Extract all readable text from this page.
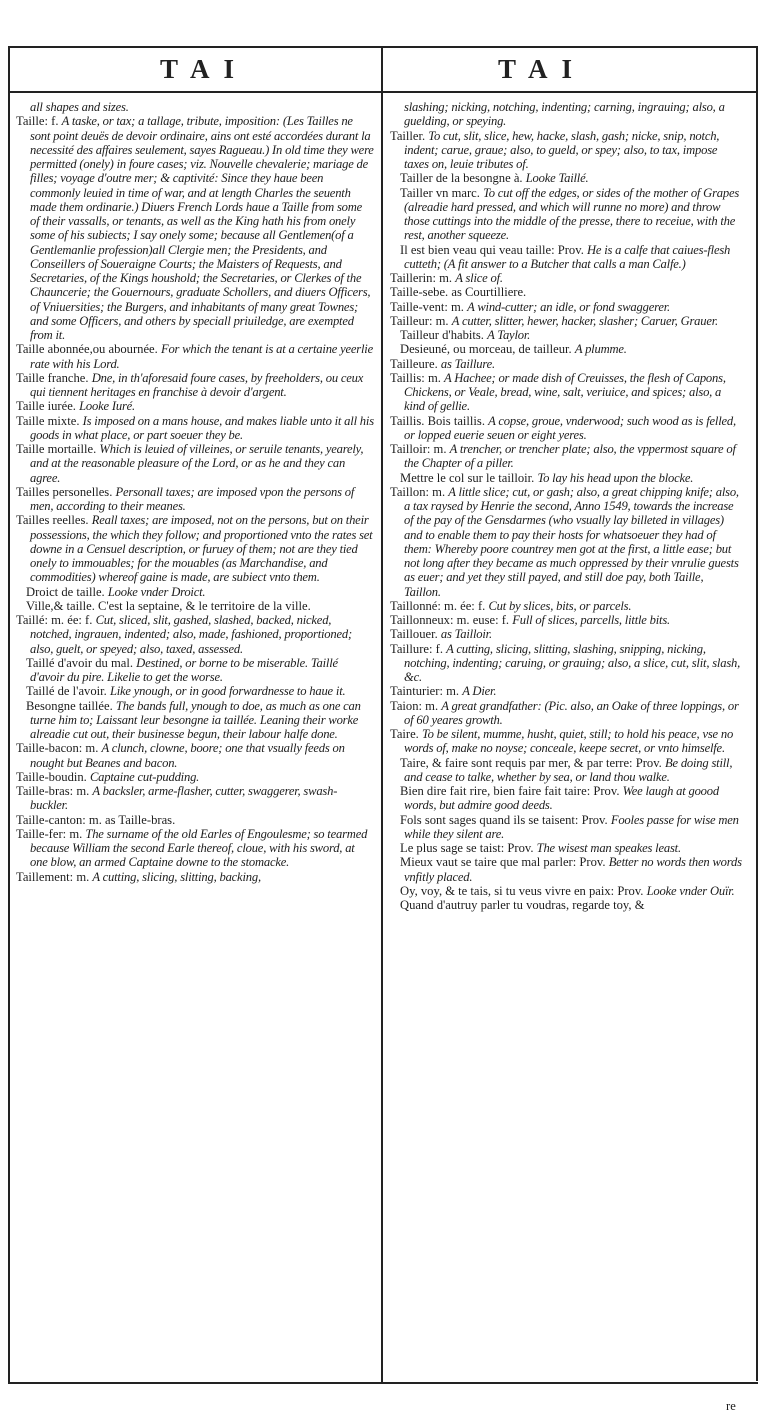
TAI	TAI

all shapes and sizes.

Taille: f. A taske, or tax; a tallage, tribute, imposition: (Les Tailles ne sont point deuës de devoir ordinaire, ains ont esté accordées durant la necessité des affaires seulement, sayes Ragueau.) In old time they were permitted (onely) in foure cases; viz. Nouvelle chevalerie; mariage de filles; voyage d'outre mer; & captivité: Since they haue been commonly leuied in time of war, and at length Charles the seuenth made them ordinarie.) Diuers French Lords haue a Taille from some of their vassalls, or tenants, as well as the King hath his from onely some of his subiects; I say onely some; because all Gentlemen(of a Gentlemanlie profession)all Clergie men; the Presidents, and Conseillers of Soueraigne Courts; the Maisters of Requests, and Secretaries, of the Kings houshold; the Secretaries, or Clerkes of the Chauncerie; the Gouernours, graduate Schollers, and diuers Officers, of Vniuersities; the Burgers, and inhabitants of many great Townes; and some Officers, and others by speciall priuiledge, are exempted from it.

Taille abonnée,ou abournée. For which the tenant is at a certaine yeerlie rate with his Lord.

Taille franche. Dne, in th'aforesaid foure cases, by freeholders, ou ceux qui tiennent heritages en franchise à devoir d'argent.

Taille iurée. Looke Iuré.

Taille mixte. Is imposed on a mans house, and makes liable unto it all his goods in what place, or part soeuer they be.

Taille mortaille. Which is leuied of villeines, or seruile tenants, yearely, and at the reasonable pleasure of the Lord, or as he and they can agree.

Tailles personelles. Personall taxes; are imposed vpon the persons of men, according to their meanes.

Tailles reelles. Reall taxes; are imposed, not on the persons, but on their possessions, the which they follow; and proportioned vnto the rates set downe in a Censuel description, or furuey of them; not are they tied onely to immouables; for the mouables (as Marchandise, and commodities) whereof gaine is made, are subiect vnto them.

Droict de taille. Looke vnder Droict.

Ville,& taille. C'est la septaine, & le territoire de la ville.

Taillé: m. ée: f. Cut, sliced, slit, gashed, slashed, backed, nicked, notched, ingrauen, indented; also, made, fashioned, proportioned; also, guelt, or speyed; also, taxed, assessed.

Taillé d'avoir du mal. Destined, or borne to be miserable. Taillé d'avoir du pire. Likelie to get the worse.

Taillé de l'avoir. Like ynough, or in good forwardnesse to haue it.

Besongne taillée. The bands full, ynough to doe, as much as one can turne him to; Laissant leur besongne ia taillée. Leaning their worke alreadie cut out, their businesse begun, their labour halfe done.

Taille-bacon: m. A clunch, clowne, boore; one that vsually feeds on nought but Beanes and bacon.

Taille-boudin. Captaine cut-pudding.

Taille-bras: m. A backsler, arme-flasher, cutter, swaggerer, swash-buckler.

Taille-canton: m. as Taille-bras.

Taille-fer: m. The surname of the old Earles of Engoulesme; so tearmed because William the second Earle thereof, cloue, with his sword, at one blow, an armed Captaine downe to the stomacke.

Taillement: m. A cutting, slicing, slitting, backing,

slashing; nicking, notching, indenting; carning, ingrauing; also, a guelding, or speying.

Tailler. To cut, slit, slice, hew, hacke, slash, gash; nicke, snip, notch, indent; carue, graue; also, to gueld, or spey; also, to tax, impose taxes on, leuie tributes of.

Tailler de la besongne à. Looke Taillé.

Tailler vn marc. To cut off the edges, or sides of the mother of Grapes (alreadie hard pressed, and which will runne no more) and throw those cuttings into the middle of the presse, there to receiue, with the rest, another squeeze.

Il est bien veau qui veau taille: Prov. He is a calfe that caiues-flesh cutteth; (A fit answer to a Butcher that calls a man Calfe.)

Taillerin: m. A slice of.

Taille-sebe. as Courtilliere.

Taille-vent: m. A wind-cutter; an idle, or fond swaggerer.

Tailleur: m. A cutter, slitter, hewer, hacker, slasher; Caruer, Grauer.

Tailleur d'habits. A Taylor.

Desieuné, ou morceau, de tailleur. A plumme.

Tailleure. as Taillure.

Taillis: m. A Hachee; or made dish of Creuisses, the flesh of Capons, Chickens, or Veale, bread, wine, salt, veriuice, and spices; also, a kind of gellie.

Taillis. Bois taillis. A copse, groue, vnderwood; such wood as is felled, or lopped euerie seuen or eight yeres.

Tailloir: m. A trencher, or trencher plate; also, the vppermost square of the Chapter of a piller.

Mettre le col sur le tailloir. To lay his head upon the blocke.

Taillon: m. A little slice; cut, or gash; also, a great chipping knife; also, a tax raysed by Henrie the second, Anno 1549, towards the increase of the pay of the Gensdarmes (who vsually lay billeted in villages) and to enable them to pay their hosts for whatsoeuer they had of them: Whereby poore countrey men got at the first, a little ease; but not long after they became as much oppressed by their vnrulie guests as euer; and yet they still payed, and still doe pay, both Taille, Taillon.

Taillonné: m. ée: f. Cut by slices, bits, or parcels.

Taillonneux: m. euse: f. Full of slices, parcells, little bits.

Taillouer. as Tailloir.

Taillure: f. A cutting, slicing, slitting, slashing, snipping, nicking, notching, indenting; caruing, or grauing; also, a slice, cut, slit, slash, &c.

Tainturier: m. A Dier.

Taion: m. A great grandfather: (Pic. also, an Oake of three loppings, or of 60 yeares growth.

Taire. To be silent, mumme, husht, quiet, still; to hold his peace, vse no words of, make no noyse; conceale, keepe secret, or vnto himselfe.

Taire, & faire sont requis par mer, & par terre: Prov. Be doing still, and cease to talke, whether by sea, or land thou walke.

Bien dire fait rire, bien faire fait taire: Prov. Wee laugh at goood words, but admire good deeds.

Fols sont sages quand ils se taisent: Prov. Fooles passe for wise men while they silent are.

Le plus sage se taist: Prov. The wisest man speakes least.

Mieux vaut se taire que mal parler: Prov. Better no words then words vnfitly placed.

Oy, voy, & te tais, si tu veus vivre en paix: Prov. Looke vnder Ouïr.

Quand d'autruy parler tu voudras, regarde toy, &

re
